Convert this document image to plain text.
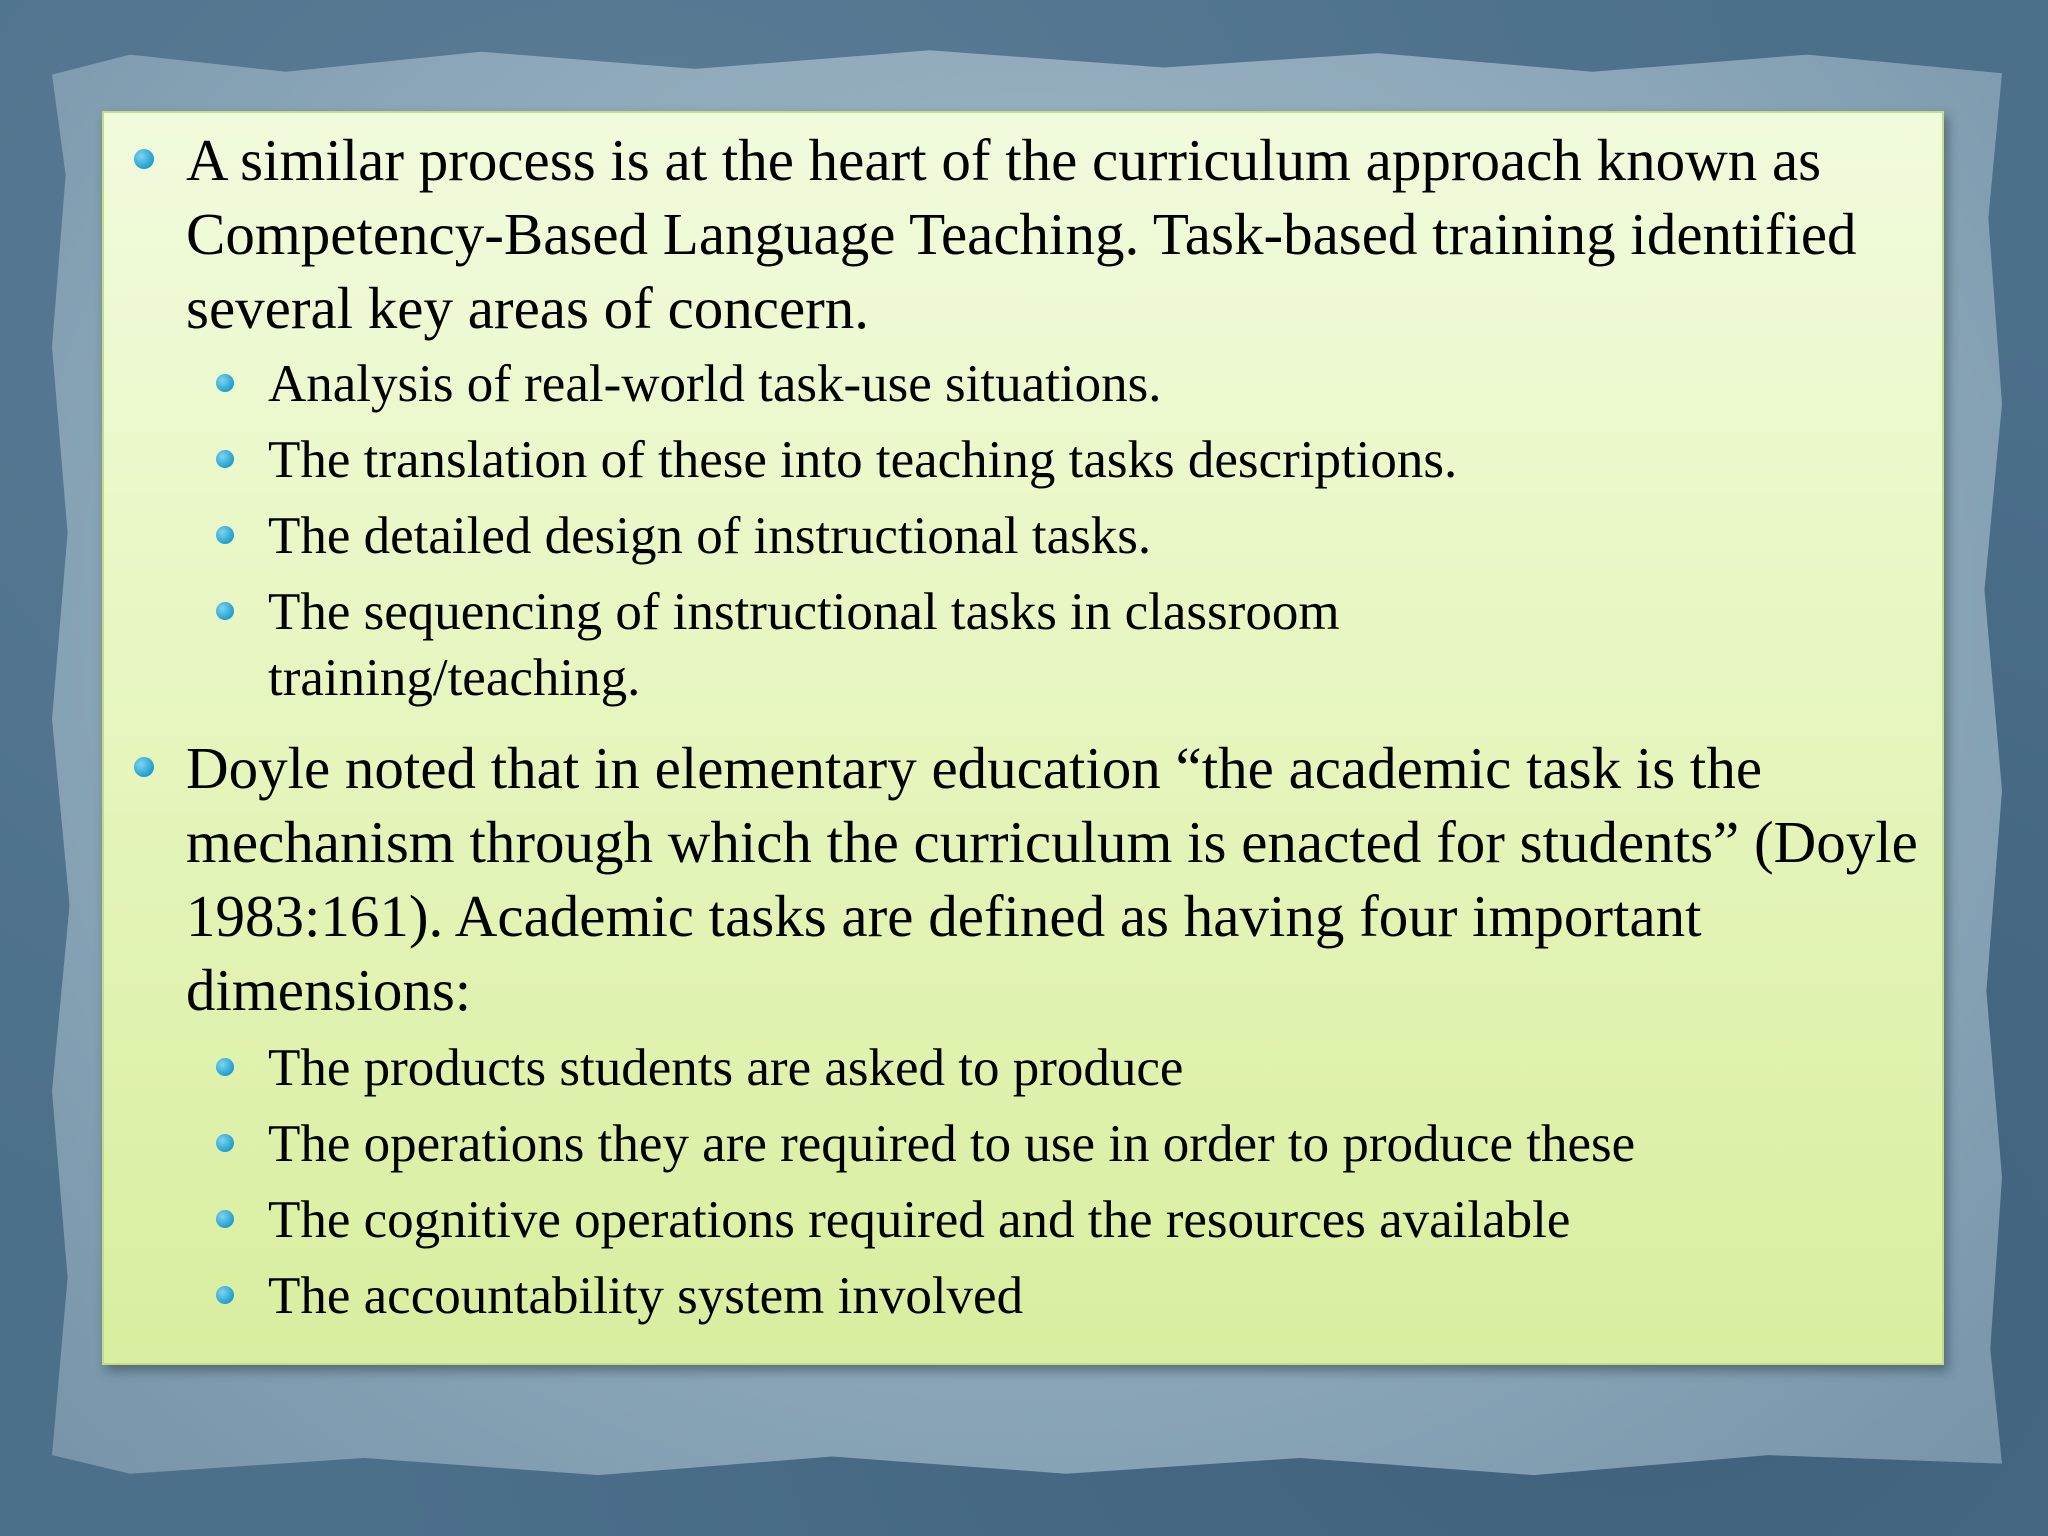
A similar process is at the heart of the curriculum approach known as Competency-Based Language Teaching. Task-based training identified several key areas of concern.
Analysis of real-world task-use situations.
The translation of these into teaching tasks descriptions.
The detailed design of instructional tasks.
The sequencing of instructional tasks in classroom training/teaching.
Doyle noted that in elementary education “the academic task is the mechanism through which the curriculum is enacted for students” (Doyle 1983:161). Academic tasks are defined as having four important dimensions:
The products students are asked to produce
The operations they are required to use in order to produce these
The cognitive operations required and the resources available
The accountability system involved
